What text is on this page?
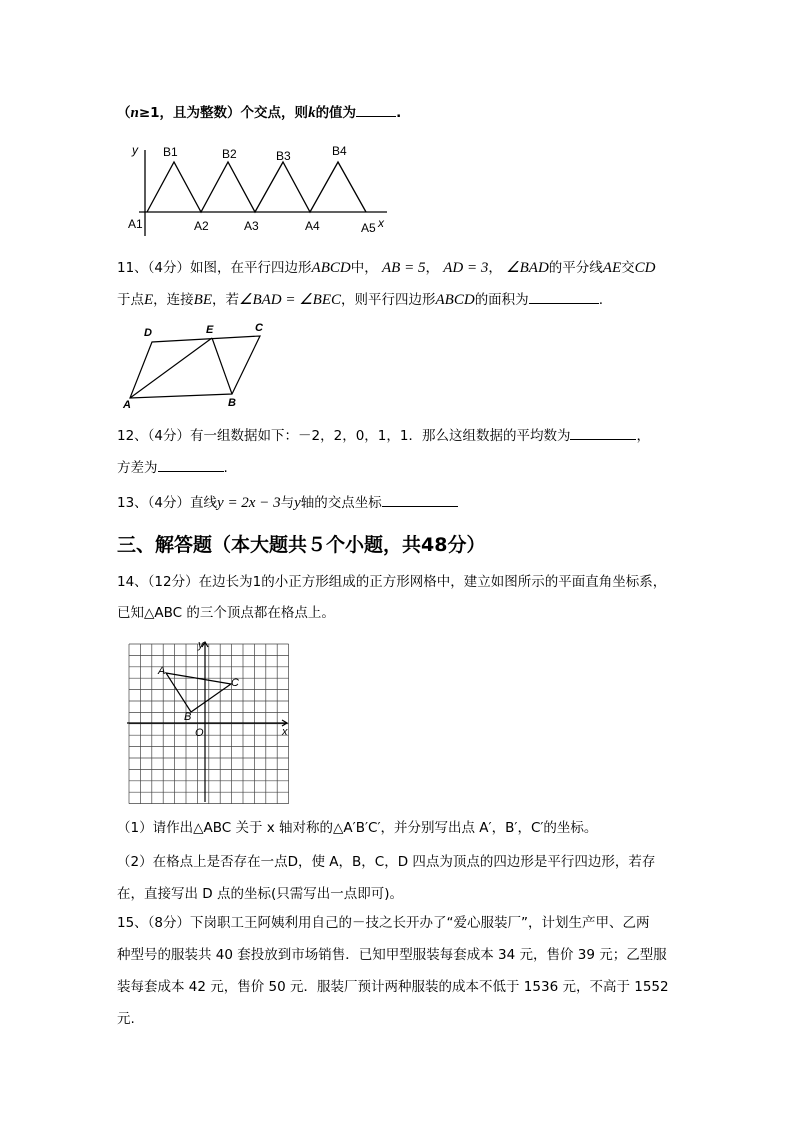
（n≥1，且为整数）个交点，则k的值为	.
y
x
B1	B2	B3	B4
A1	A2	A3	A4	A5
11、（4分）如图，在平行四边形ABCD中， AB = 5， AD = 3， ∠BAD的平分线AE交CD
于点E，连接BE，若∠BAD = ∠BEC，则平行四边形ABCD的面积为	.
D	E	C
A	B
12、（4分）有一组数据如下：－2，2，0，1，1．那么这组数据的平均数为	，
方差为	.
13、（4分）直线y = 2x − 3与y轴的交点坐标
三、解答题（本大题共５个小题，共48分）
14、（12分）在边长为1的小正方形组成的正方形网格中，建立如图所示的平面直角坐标系，
已知△ABC 的三个顶点都在格点上。
y
A
C
B
O	x
（1）请作出△ABC 关于 x 轴对称的△A′B′C′，并分别写出点 A′，B′，C′的坐标。
（2）在格点上是否存在一点D，使 A，B，C，D 四点为顶点的四边形是平行四边形，若存
在，直接写出 D 点的坐标(只需写出一点即可)。
15、（8分）下岗职工王阿姨利用自己的－技之长开办了“爱心服装厂”，计划生产甲、乙两
种型号的服装共 40 套投放到市场销售．已知甲型服装每套成本 34 元，售价 39 元；乙型服
装每套成本 42 元，售价 50 元．服装厂预计两种服装的成本不低于 1536 元，不高于 1552
元.
